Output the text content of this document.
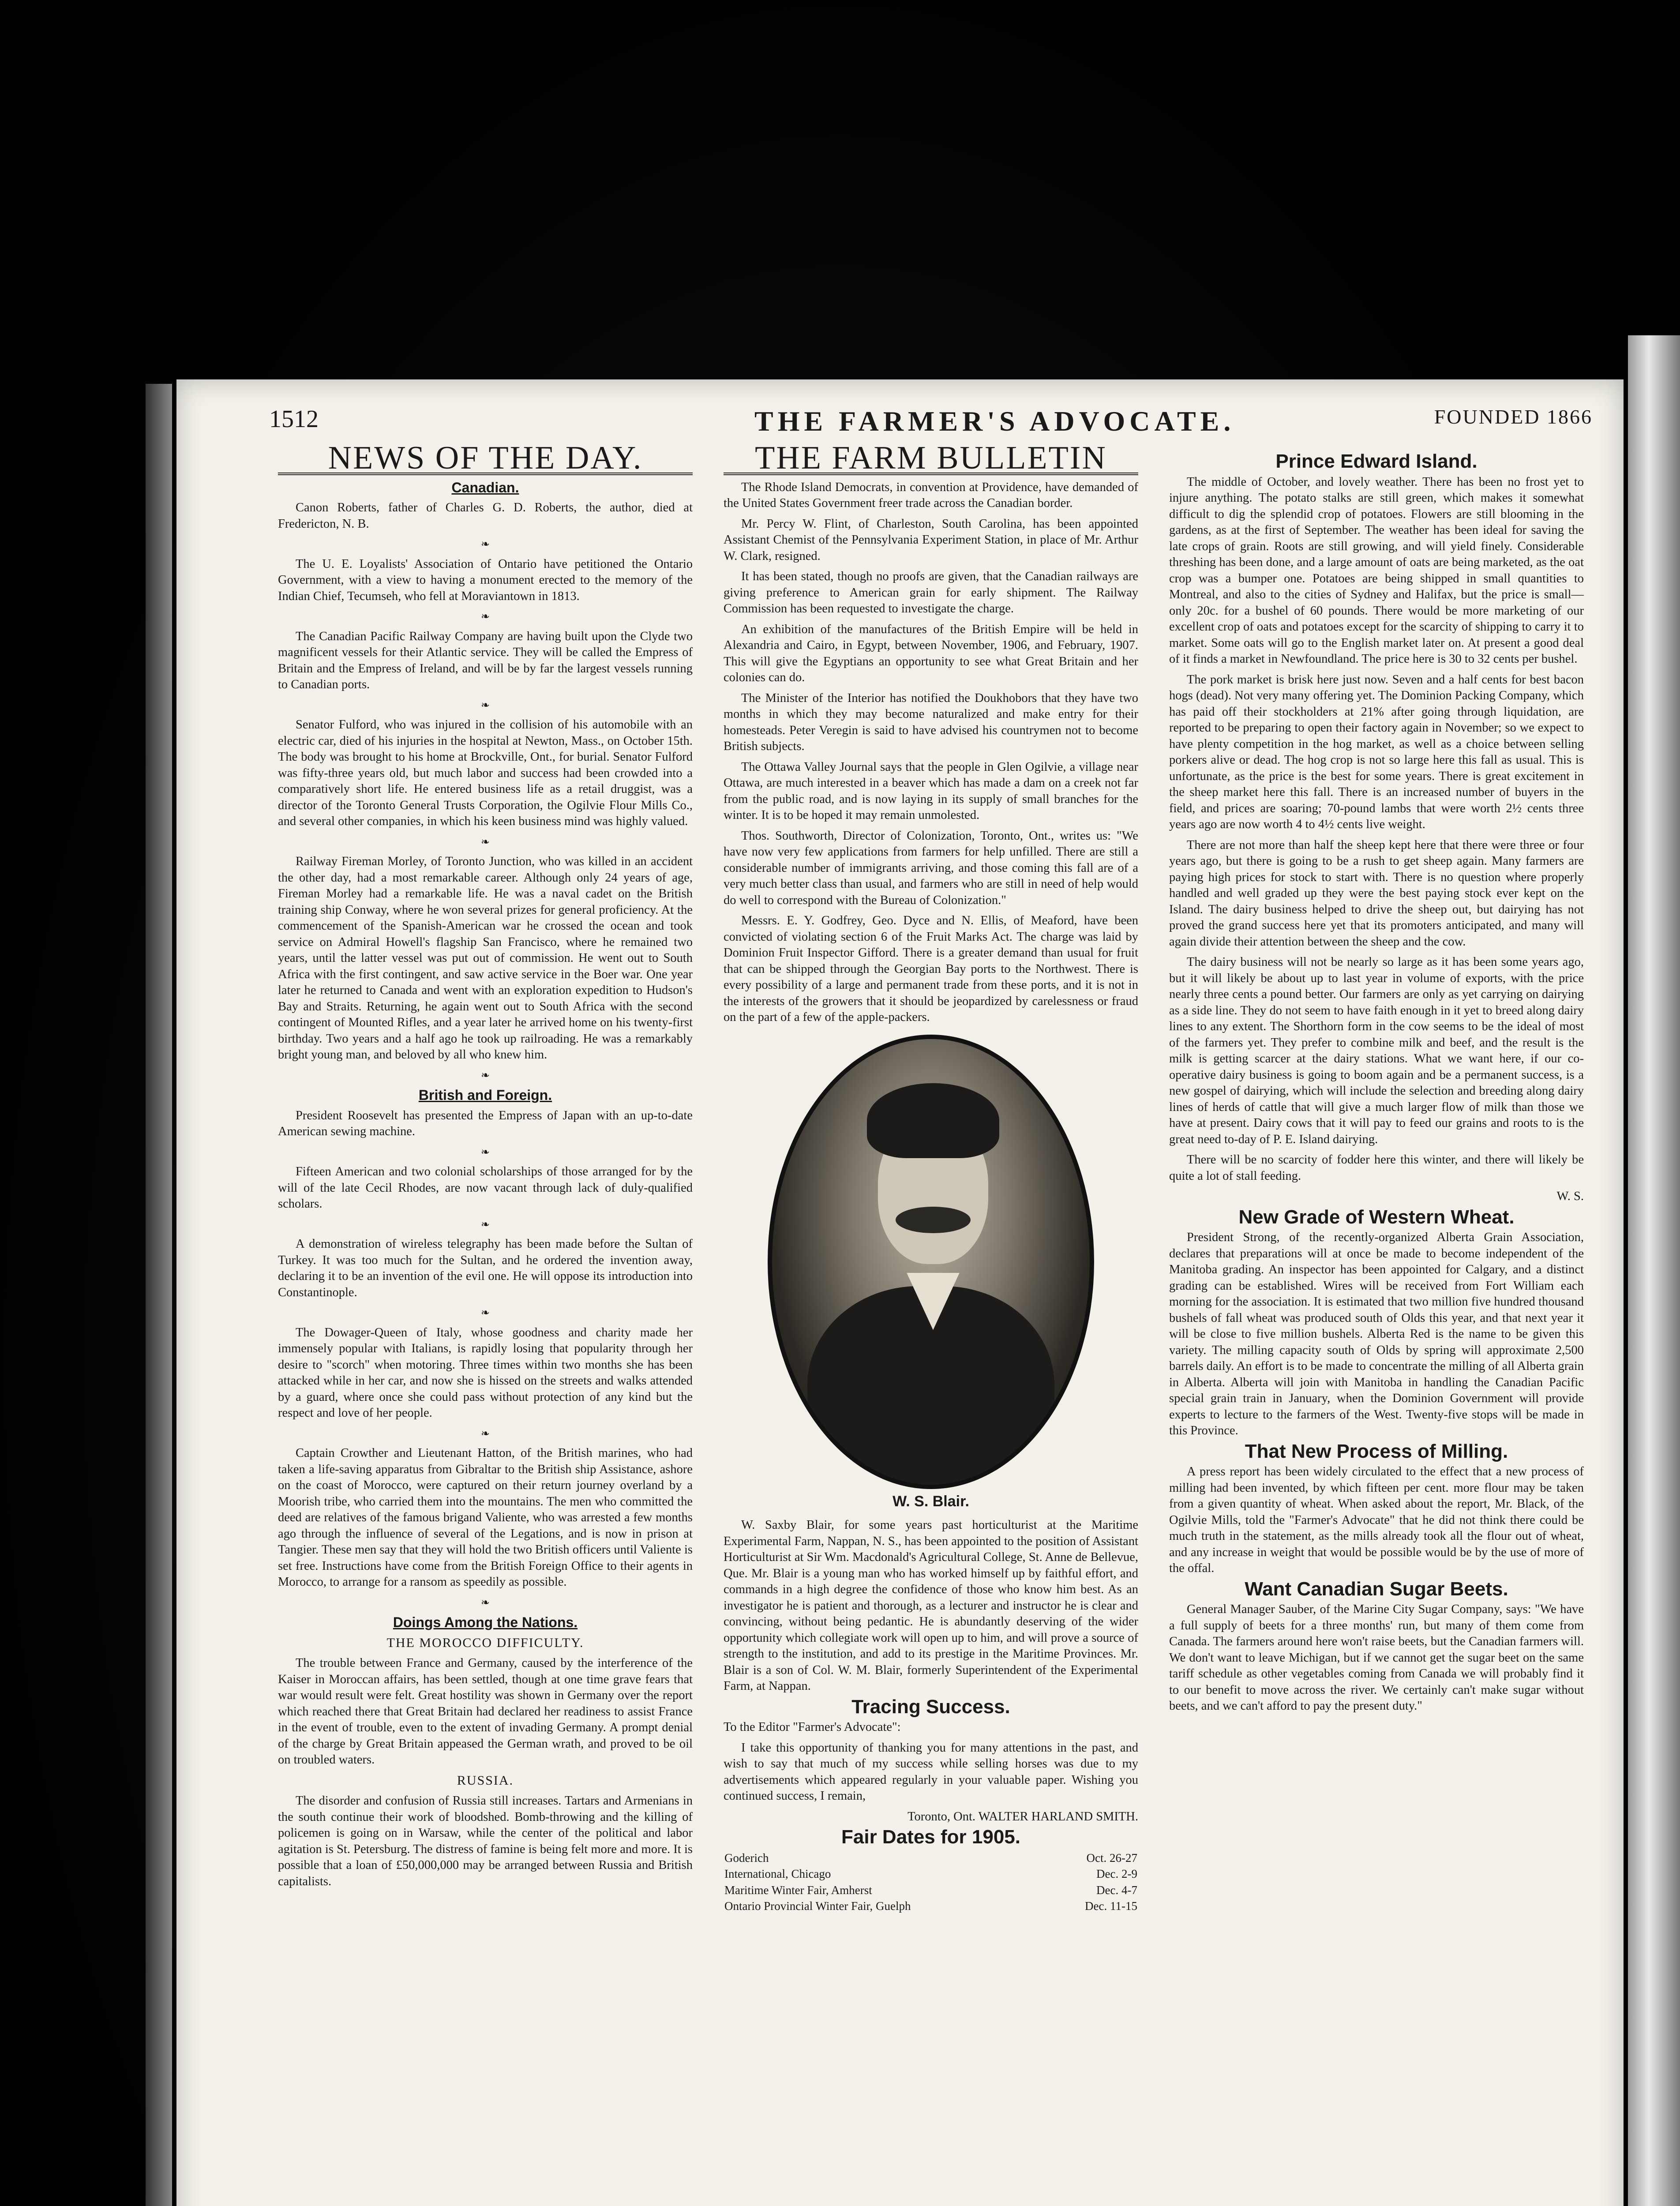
1512	THE FARMER'S ADVOCATE.	FOUNDED 1866
NEWS OF THE DAY.
Canadian.

Canon Roberts, father of Charles G. D. Roberts, the author, died at Fredericton, N. B.

❧

The U. E. Loyalists' Association of Ontario have petitioned the Ontario Government, with a view to having a monument erected to the memory of the Indian Chief, Tecumseh, who fell at Moraviantown in 1813.

❧

The Canadian Pacific Railway Company are having built upon the Clyde two magnificent vessels for their Atlantic service. They will be called the Empress of Britain and the Empress of Ireland, and will be by far the largest vessels running to Canadian ports.

❧

Senator Fulford, who was injured in the collision of his automobile with an electric car, died of his injuries in the hospital at Newton, Mass., on October 15th. The body was brought to his home at Brockville, Ont., for burial. Senator Fulford was fifty-three years old, but much labor and success had been crowded into a comparatively short life. He entered business life as a retail druggist, was a director of the Toronto General Trusts Corporation, the Ogilvie Flour Mills Co., and several other companies, in which his keen business mind was highly valued.

❧

Railway Fireman Morley, of Toronto Junction, who was killed in an accident the other day, had a most remarkable career. Although only 24 years of age, Fireman Morley had a remarkable life. He was a naval cadet on the British training ship Conway, where he won several prizes for general proficiency. At the commencement of the Spanish-American war he crossed the ocean and took service on Admiral Howell's flagship San Francisco, where he remained two years, until the latter vessel was put out of commission. He went out to South Africa with the first contingent, and saw active service in the Boer war. One year later he returned to Canada and went with an exploration expedition to Hudson's Bay and Straits. Returning, he again went out to South Africa with the second contingent of Mounted Rifles, and a year later he arrived home on his twenty-first birthday. Two years and a half ago he took up railroading. He was a remarkably bright young man, and beloved by all who knew him.

❧
British and Foreign.

President Roosevelt has presented the Empress of Japan with an up-to-date American sewing machine.

❧

Fifteen American and two colonial scholarships of those arranged for by the will of the late Cecil Rhodes, are now vacant through lack of duly-qualified scholars.

❧

A demonstration of wireless telegraphy has been made before the Sultan of Turkey. It was too much for the Sultan, and he ordered the invention away, declaring it to be an invention of the evil one. He will oppose its introduction into Constantinople.

❧

The Dowager-Queen of Italy, whose goodness and charity made her immensely popular with Italians, is rapidly losing that popularity through her desire to "scorch" when motoring. Three times within two months she has been attacked while in her car, and now she is hissed on the streets and walks attended by a guard, where once she could pass without protection of any kind but the respect and love of her people.

❧

Captain Crowther and Lieutenant Hatton, of the British marines, who had taken a life-saving apparatus from Gibraltar to the British ship Assistance, ashore on the coast of Morocco, were captured on their return journey overland by a Moorish tribe, who carried them into the mountains. The men who committed the deed are relatives of the famous brigand Valiente, who was arrested a few months ago through the influence of several of the Legations, and is now in prison at Tangier. These men say that they will hold the two British officers until Valiente is set free. Instructions have come from the British Foreign Office to their agents in Morocco, to arrange for a ransom as speedily as possible.

❧
Doings Among the Nations.
THE MOROCCO DIFFICULTY.

The trouble between France and Germany, caused by the interference of the Kaiser in Moroccan affairs, has been settled, though at one time grave fears that war would result were felt. Great hostility was shown in Germany over the report which reached there that Great Britain had declared her readiness to assist France in the event of trouble, even to the extent of invading Germany. A prompt denial of the charge by Great Britain appeased the German wrath, and proved to be oil on troubled waters.

RUSSIA.

The disorder and confusion of Russia still increases. Tartars and Armenians in the south continue their work of bloodshed. Bomb-throwing and the killing of policemen is going on in Warsaw, while the center of the political and labor agitation is St. Petersburg. The distress of famine is being felt more and more. It is possible that a loan of £50,000,000 may be arranged between Russia and British capitalists.

THE FARM BULLETIN

The Rhode Island Democrats, in convention at Providence, have demanded of the United States Government freer trade across the Canadian border.

Mr. Percy W. Flint, of Charleston, South Carolina, has been appointed Assistant Chemist of the Pennsylvania Experiment Station, in place of Mr. Arthur W. Clark, resigned.

It has been stated, though no proofs are given, that the Canadian railways are giving preference to American grain for early shipment. The Railway Commission has been requested to investigate the charge.

An exhibition of the manufactures of the British Empire will be held in Alexandria and Cairo, in Egypt, between November, 1906, and February, 1907. This will give the Egyptians an opportunity to see what Great Britain and her colonies can do.

The Minister of the Interior has notified the Doukhobors that they have two months in which they may become naturalized and make entry for their homesteads. Peter Veregin is said to have advised his countrymen not to become British subjects.

The Ottawa Valley Journal says that the people in Glen Ogilvie, a village near Ottawa, are much interested in a beaver which has made a dam on a creek not far from the public road, and is now laying in its supply of small branches for the winter. It is to be hoped it may remain unmolested.

Thos. Southworth, Director of Colonization, Toronto, Ont., writes us: "We have now very few applications from farmers for help unfilled. There are still a considerable number of immigrants arriving, and those coming this fall are of a very much better class than usual, and farmers who are still in need of help would do well to correspond with the Bureau of Colonization."

Messrs. E. Y. Godfrey, Geo. Dyce and N. Ellis, of Meaford, have been convicted of violating section 6 of the Fruit Marks Act. The charge was laid by Dominion Fruit Inspector Gifford. There is a greater demand than usual for fruit that can be shipped through the Georgian Bay ports to the Northwest. There is every possibility of a large and permanent trade from these ports, and it is not in the interests of the growers that it should be jeopardized by carelessness or fraud on the part of a few of the apple-packers.

W. S. Blair.

W. Saxby Blair, for some years past horticulturist at the Maritime Experimental Farm, Nappan, N. S., has been appointed to the position of Assistant Horticulturist at Sir Wm. Macdonald's Agricultural College, St. Anne de Bellevue, Que. Mr. Blair is a young man who has worked himself up by faithful effort, and commands in a high degree the confidence of those who know him best. As an investigator he is patient and thorough, as a lecturer and instructor he is clear and convincing, without being pedantic. He is abundantly deserving of the wider opportunity which collegiate work will open up to him, and will prove a source of strength to the institution, and add to its prestige in the Maritime Provinces. Mr. Blair is a son of Col. W. M. Blair, formerly Superintendent of the Experimental Farm, at Nappan.

Tracing Success.

To the Editor "Farmer's Advocate":

I take this opportunity of thanking you for many attentions in the past, and wish to say that much of my success while selling horses was due to my advertisements which appeared regularly in your valuable paper. Wishing you continued success, I remain,

Toronto, Ont. WALTER HARLAND SMITH.

Fair Dates for 1905.
Goderich	Oct. 26-27
International, Chicago	Dec. 2-9
Maritime Winter Fair, Amherst	Dec. 4-7
Ontario Provincial Winter Fair, Guelph	Dec. 11-15
Prince Edward Island.

The middle of October, and lovely weather. There has been no frost yet to injure anything. The potato stalks are still green, which makes it somewhat difficult to dig the splendid crop of potatoes. Flowers are still blooming in the gardens, as at the first of September. The weather has been ideal for saving the late crops of grain. Roots are still growing, and will yield finely. Considerable threshing has been done, and a large amount of oats are being marketed, as the oat crop was a bumper one. Potatoes are being shipped in small quantities to Montreal, and also to the cities of Sydney and Halifax, but the price is small—only 20c. for a bushel of 60 pounds. There would be more marketing of our excellent crop of oats and potatoes except for the scarcity of shipping to carry it to market. Some oats will go to the English market later on. At present a good deal of it finds a market in Newfoundland. The price here is 30 to 32 cents per bushel.

The pork market is brisk here just now. Seven and a half cents for best bacon hogs (dead). Not very many offering yet. The Dominion Packing Company, which has paid off their stockholders at 21% after going through liquidation, are reported to be preparing to open their factory again in November; so we expect to have plenty competition in the hog market, as well as a choice between selling porkers alive or dead. The hog crop is not so large here this fall as usual. This is unfortunate, as the price is the best for some years. There is great excitement in the sheep market here this fall. There is an increased number of buyers in the field, and prices are soaring; 70-pound lambs that were worth 2½ cents three years ago are now worth 4 to 4½ cents live weight.

There are not more than half the sheep kept here that there were three or four years ago, but there is going to be a rush to get sheep again. Many farmers are paying high prices for stock to start with. There is no question where properly handled and well graded up they were the best paying stock ever kept on the Island. The dairy business helped to drive the sheep out, but dairying has not proved the grand success here yet that its promoters anticipated, and many will again divide their attention between the sheep and the cow.

The dairy business will not be nearly so large as it has been some years ago, but it will likely be about up to last year in volume of exports, with the price nearly three cents a pound better. Our farmers are only as yet carrying on dairying as a side line. They do not seem to have faith enough in it yet to breed along dairy lines to any extent. The Shorthorn form in the cow seems to be the ideal of most of the farmers yet. They prefer to combine milk and beef, and the result is the milk is getting scarcer at the dairy stations. What we want here, if our co-operative dairy business is going to boom again and be a permanent success, is a new gospel of dairying, which will include the selection and breeding along dairy lines of herds of cattle that will give a much larger flow of milk than those we have at present. Dairy cows that it will pay to feed our grains and roots to is the great need to-day of P. E. Island dairying.

There will be no scarcity of fodder here this winter, and there will likely be quite a lot of stall feeding.

W. S.

New Grade of Western Wheat.

President Strong, of the recently-organized Alberta Grain Association, declares that preparations will at once be made to become independent of the Manitoba grading. An inspector has been appointed for Calgary, and a distinct grading can be established. Wires will be received from Fort William each morning for the association. It is estimated that two million five hundred thousand bushels of fall wheat was produced south of Olds this year, and that next year it will be close to five million bushels. Alberta Red is the name to be given this variety. The milling capacity south of Olds by spring will approximate 2,500 barrels daily. An effort is to be made to concentrate the milling of all Alberta grain in Alberta. Alberta will join with Manitoba in handling the Canadian Pacific special grain train in January, when the Dominion Government will provide experts to lecture to the farmers of the West. Twenty-five stops will be made in this Province.

That New Process of Milling.

A press report has been widely circulated to the effect that a new process of milling had been invented, by which fifteen per cent. more flour may be taken from a given quantity of wheat. When asked about the report, Mr. Black, of the Ogilvie Mills, told the "Farmer's Advocate" that he did not think there could be much truth in the statement, as the mills already took all the flour out of wheat, and any increase in weight that would be possible would be by the use of more of the offal.

Want Canadian Sugar Beets.

General Manager Sauber, of the Marine City Sugar Company, says: "We have a full supply of beets for a three months' run, but many of them come from Canada. The farmers around here won't raise beets, but the Canadian farmers will. We don't want to leave Michigan, but if we cannot get the sugar beet on the same tariff schedule as other vegetables coming from Canada we will probably find it to our benefit to move across the river. We certainly can't make sugar without beets, and we can't afford to pay the present duty."
